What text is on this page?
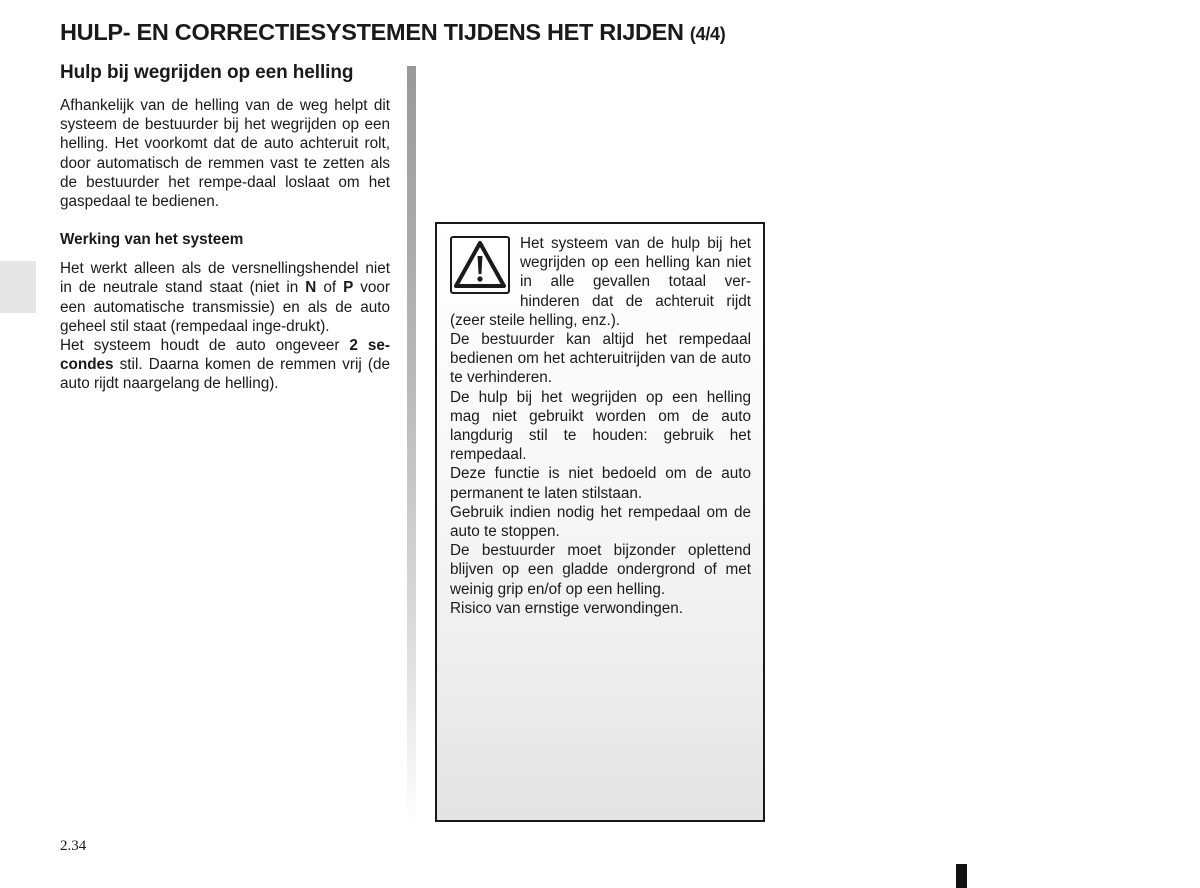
HULP- EN CORRECTIESYSTEMEN TIJDENS HET RIJDEN (4/4)
Hulp bij wegrijden op een helling

Afhankelijk van de helling van de weg helpt dit systeem de bestuurder bij het wegrijden op een helling. Het voorkomt dat de auto achteruit rolt, door automatisch de remmen vast te zetten als de bestuurder het rempe-daal loslaat om het gaspedaal te bedienen.

Werking van het systeem

Het werkt alleen als de versnellingshendel niet in de neutrale stand staat (niet in N of P voor een automatische transmissie) en als de auto geheel stil staat (rempedaal inge-drukt).

Het systeem houdt de auto ongeveer 2 se-condes stil. Daarna komen de remmen vrij (de auto rijdt naargelang de helling).

Het systeem van de hulp bij het wegrijden op een helling kan niet in alle gevallen totaal ver-hinderen dat de achteruit rijdt (zeer steile helling, enz.).

De bestuurder kan altijd het rempedaal bedienen om het achteruitrijden van de auto te verhinderen.

De hulp bij het wegrijden op een helling mag niet gebruikt worden om de auto langdurig stil te houden: gebruik het rempedaal.

Deze functie is niet bedoeld om de auto permanent te laten stilstaan.

Gebruik indien nodig het rempedaal om de auto te stoppen.

De bestuurder moet bijzonder oplettend blijven op een gladde ondergrond of met weinig grip en/of op een helling.

Risico van ernstige verwondingen.

2.34
